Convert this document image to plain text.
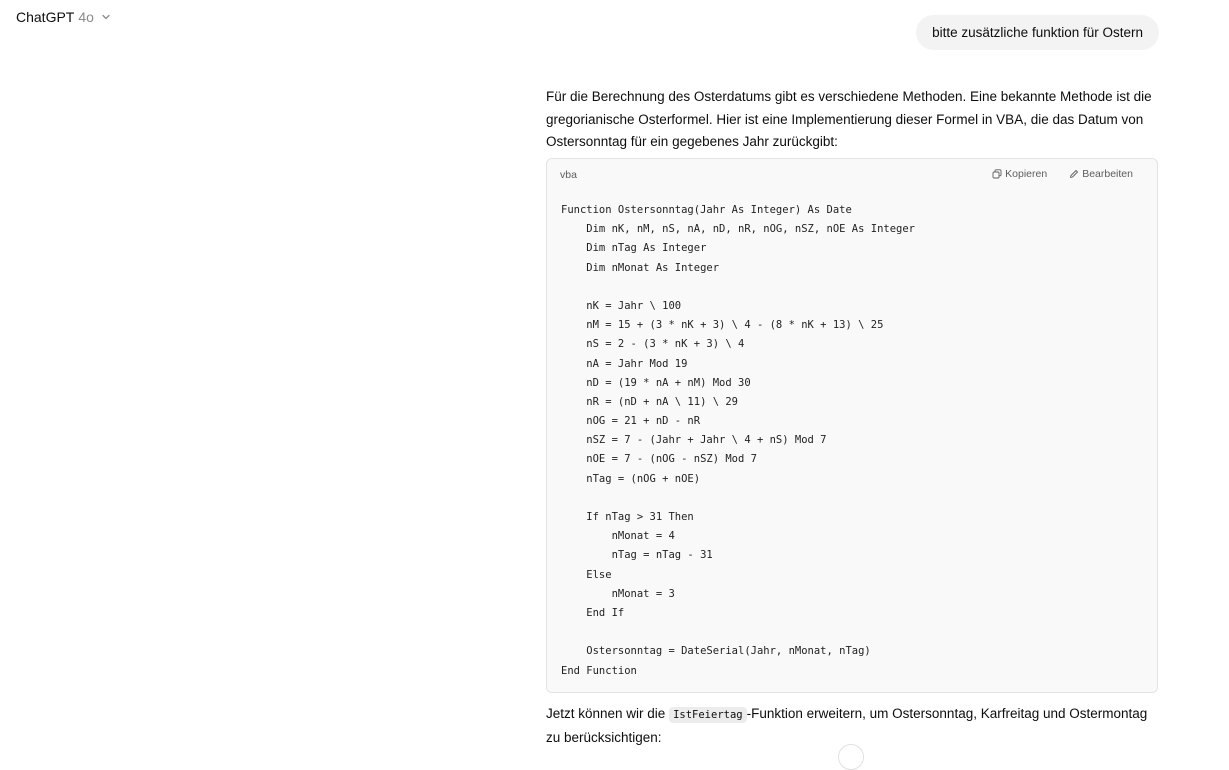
ChatGPT 4o
bitte zusätzliche funktion für Ostern

Für die Berechnung des Osterdatums gibt es verschiedene Methoden. Eine bekannte Methode ist die gregorianische Osterformel. Hier ist eine Implementierung dieser Formel in VBA, die das Datum von Ostersonntag für ein gegebenes Jahr zurückgibt:

vba	Kopieren	Bearbeiten
Function Ostersonntag(Jahr As Integer) As Date
Dim nK, nM, nS, nA, nD, nR, nOG, nSZ, nOE As Integer
Dim nTag As Integer
Dim nMonat As Integer
nK = Jahr \ 100
nM = 15 + (3 * nK + 3) \ 4 - (8 * nK + 13) \ 25
nS = 2 - (3 * nK + 3) \ 4
nA = Jahr Mod 19
nD = (19 * nA + nM) Mod 30
nR = (nD + nA \ 11) \ 29
nOG = 21 + nD - nR
nSZ = 7 - (Jahr + Jahr \ 4 + nS) Mod 7
nOE = 7 - (nOG - nSZ) Mod 7
nTag = (nOG + nOE)
If nTag > 31 Then
nMonat = 4
nTag = nTag - 31
Else
nMonat = 3
End If
Ostersonntag = DateSerial(Jahr, nMonat, nTag)
End Function

Jetzt können wir die IstFeiertag -Funktion erweitern, um Ostersonntag, Karfreitag und Ostermontag zu berücksichtigen:
